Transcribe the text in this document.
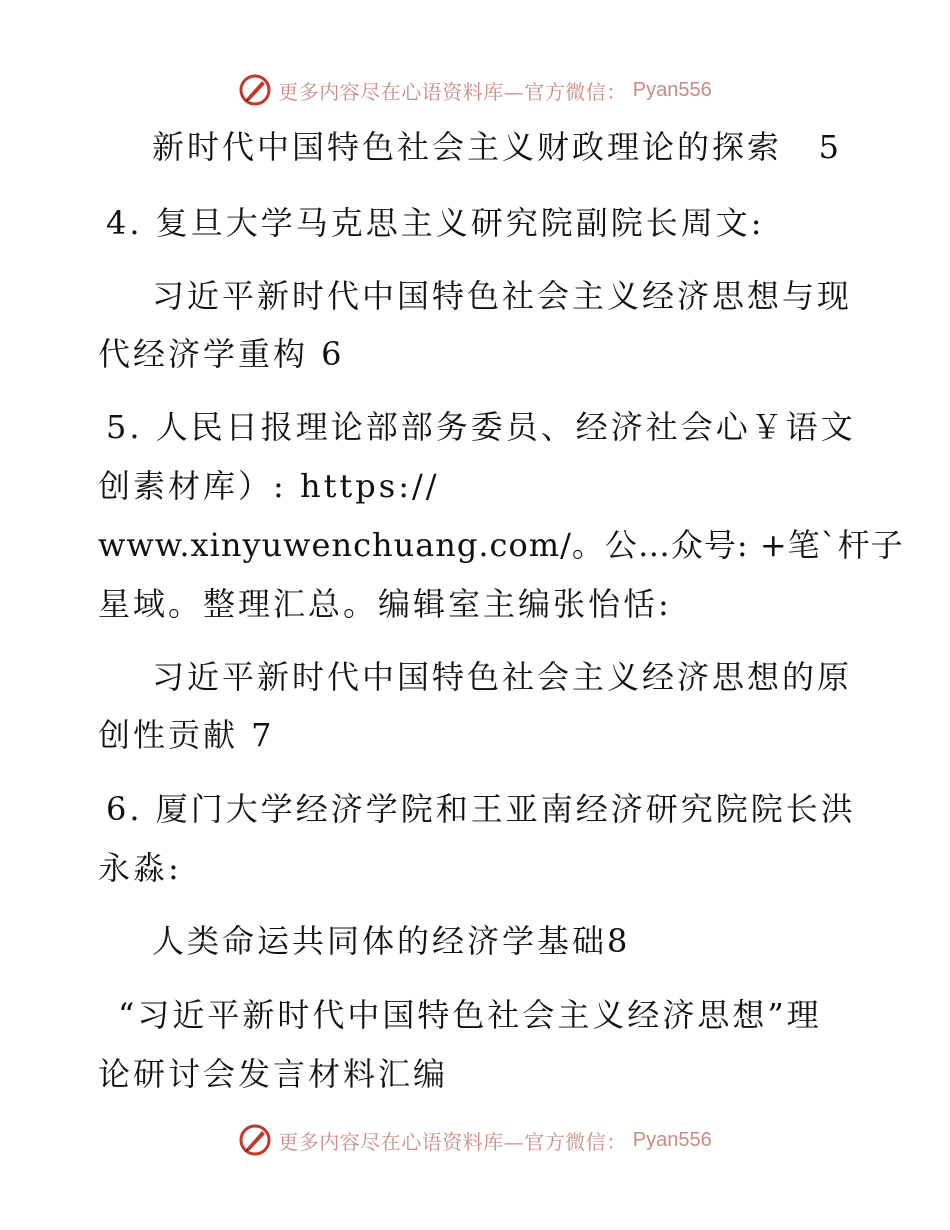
更多内容尽在心语资料库—官方微信： Pyan556
新时代中国特色社会主义财政理论的探索 5
4. 复旦大学马克思主义研究院副院长周文:
习近平新时代中国特色社会主义经济思想与现
代经济学重构 6
5. 人民日报理论部部务委员、经济社会心￥语文
创素材库）: https://
www.xinyuwenchuang.com/。公…众号: +笔`杆子
星域。整理汇总。编辑室主编张怡恬:
习近平新时代中国特色社会主义经济思想的原
创性贡献 7
6. 厦门大学经济学院和王亚南经济研究院院长洪
永淼:
人类命运共同体的经济学基础8
“习近平新时代中国特色社会主义经济思想”理
论研讨会发言材料汇编
更多内容尽在心语资料库—官方微信： Pyan556
